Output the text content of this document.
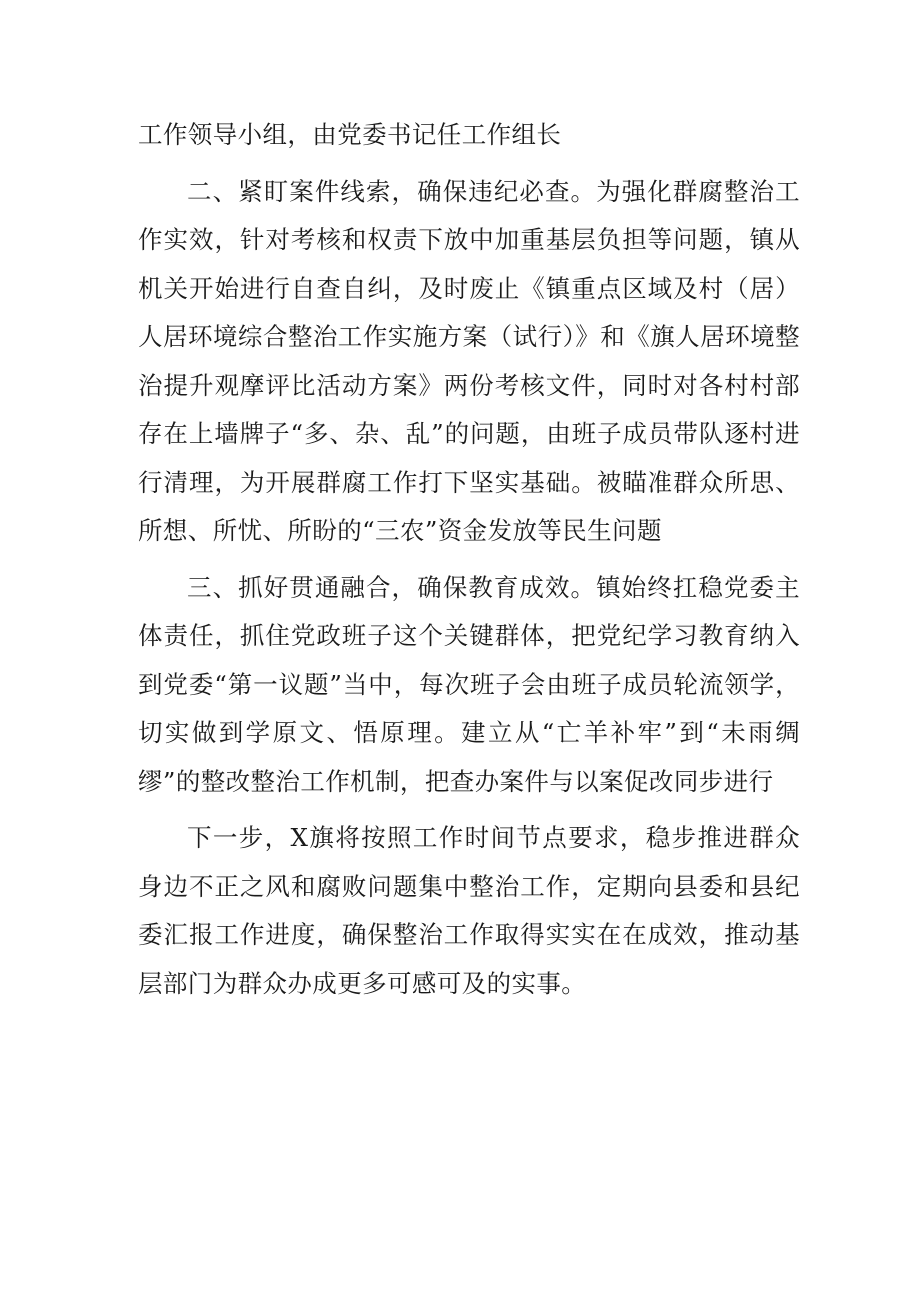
工作领导小组，由党委书记任工作组长

二、紧盯案件线索，确保违纪必查。为强化群腐整治工作实效，针对考核和权责下放中加重基层负担等问题，镇从机关开始进行自查自纠，及时废止《镇重点区域及村（居）人居环境综合整治工作实施方案（试行）》和《旗人居环境整治提升观摩评比活动方案》两份考核文件，同时对各村村部存在上墙牌子“多、杂、乱”的问题，由班子成员带队逐村进行清理，为开展群腐工作打下坚实基础。被瞄准群众所思、所想、所忧、所盼的“三农”资金发放等民生问题

三、抓好贯通融合，确保教育成效。镇始终扛稳党委主体责任，抓住党政班子这个关键群体，把党纪学习教育纳入到党委“第一议题”当中，每次班子会由班子成员轮流领学，切实做到学原文、悟原理。建立从“亡羊补牢”到“未雨绸缪”的整改整治工作机制，把查办案件与以案促改同步进行

下一步，X旗将按照工作时间节点要求，稳步推进群众身边不正之风和腐败问题集中整治工作，定期向县委和县纪委汇报工作进度，确保整治工作取得实实在在成效，推动基层部门为群众办成更多可感可及的实事。
